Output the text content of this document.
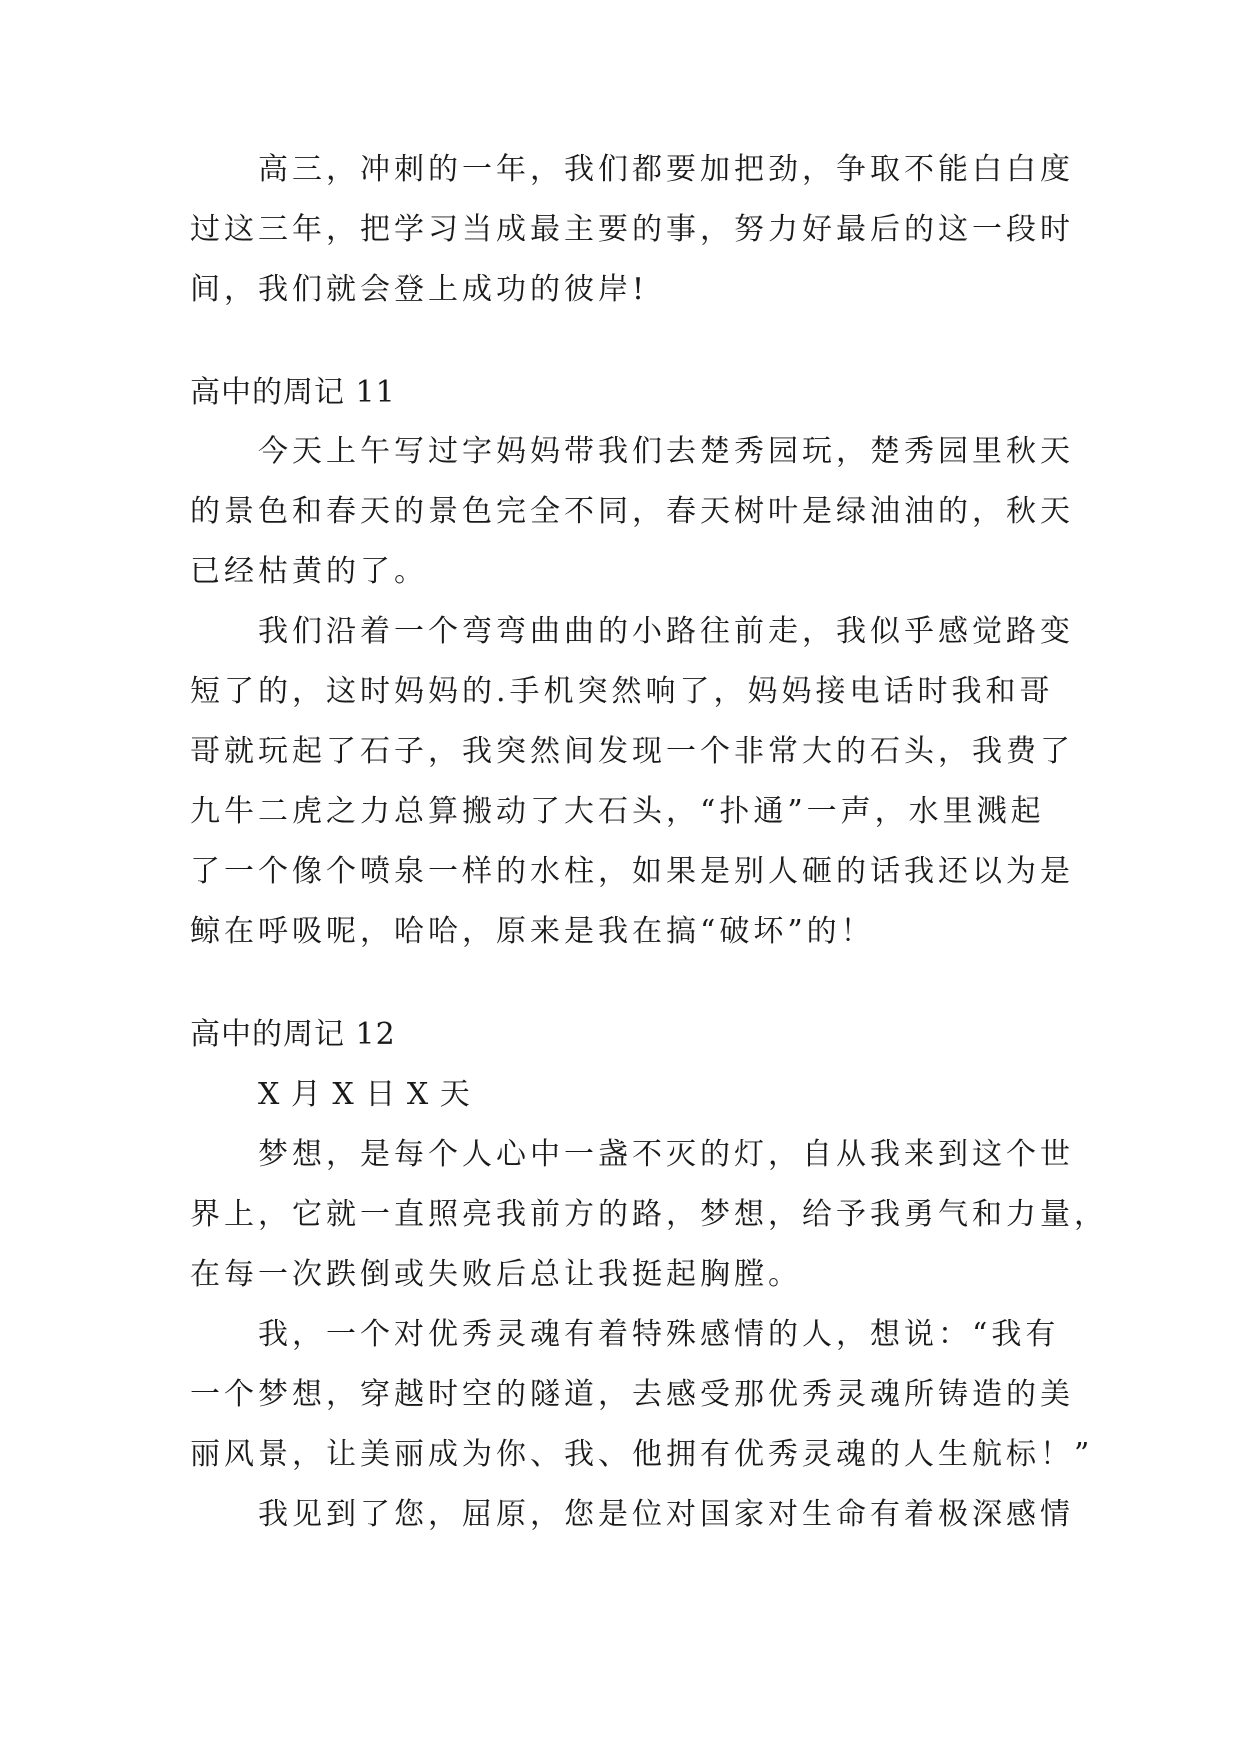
高三，冲刺的一年，我们都要加把劲，争取不能白白度
过这三年，把学习当成最主要的事，努力好最后的这一段时
间，我们就会登上成功的彼岸!
高中的周记 11
今天上午写过字妈妈带我们去楚秀园玩，楚秀园里秋天
的景色和春天的景色完全不同，春天树叶是绿油油的，秋天
已经枯黄的了。
我们沿着一个弯弯曲曲的小路往前走，我似乎感觉路变
短了的，这时妈妈的.手机突然响了，妈妈接电话时我和哥
哥就玩起了石子，我突然间发现一个非常大的石头，我费了
九牛二虎之力总算搬动了大石头，“扑通”一声，水里溅起
了一个像个喷泉一样的水柱，如果是别人砸的话我还以为是
鲸在呼吸呢，哈哈，原来是我在搞“破坏”的！
高中的周记 12
X 月 X 日 X 天
梦想，是每个人心中一盏不灭的灯，自从我来到这个世
界上，它就一直照亮我前方的路，梦想，给予我勇气和力量，
在每一次跌倒或失败后总让我挺起胸膛。
我，一个对优秀灵魂有着特殊感情的人，想说：“我有
一个梦想，穿越时空的隧道，去感受那优秀灵魂所铸造的美
丽风景，让美丽成为你、我、他拥有优秀灵魂的人生航标！”
我见到了您，屈原，您是位对国家对生命有着极深感情
